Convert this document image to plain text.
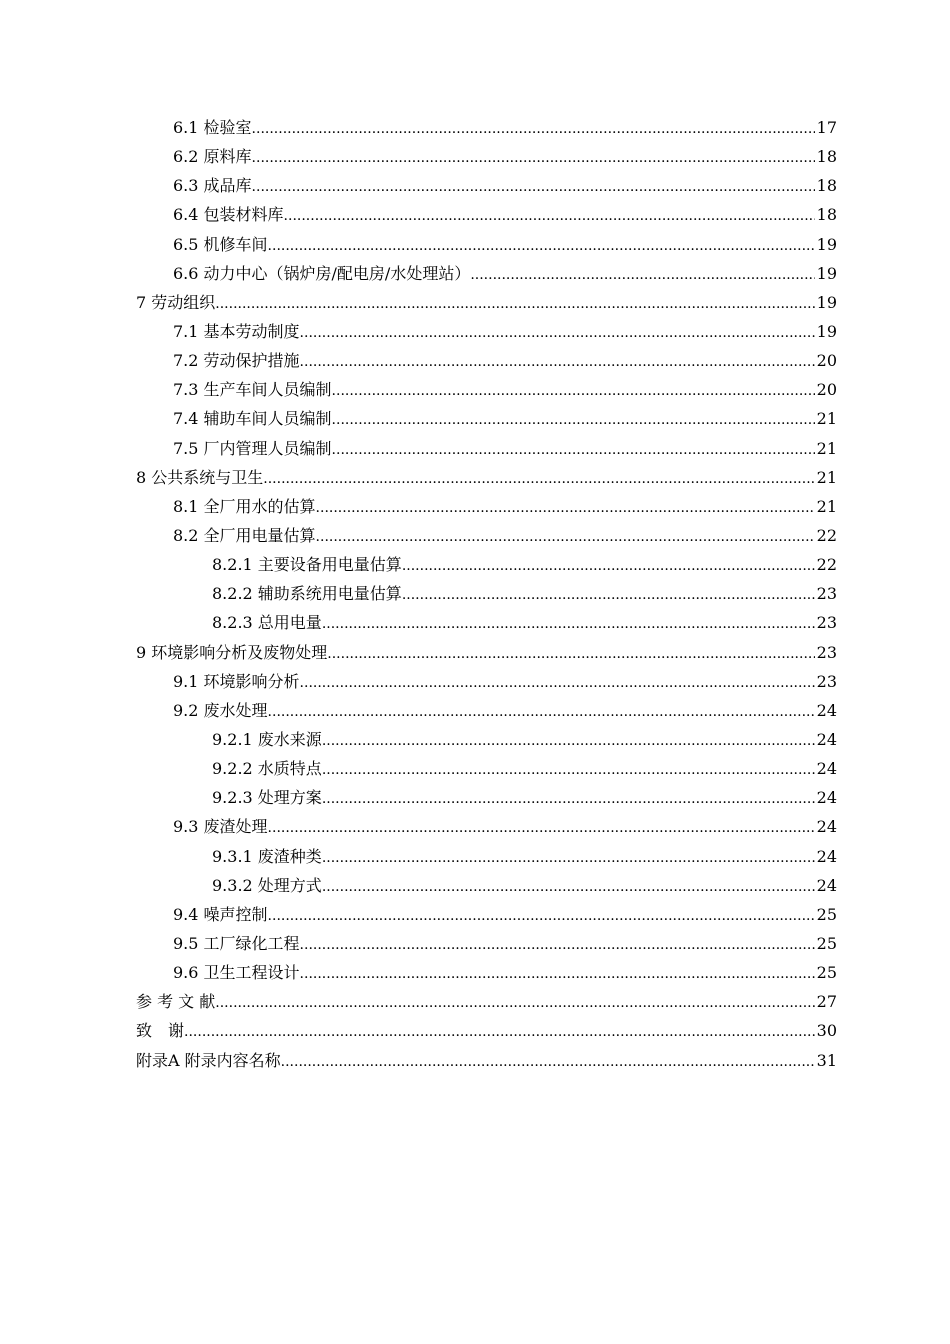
6.1 检验室 .....	17
6.2 原料库 .....	18
6.3 成品库 .....	18
6.4 包装材料库 .....	18
6.5 机修车间 .....	19
6.6 动力中心（锅炉房/配电房/水处理站） .....	19
7 劳动组织 .....	19
7.1 基本劳动制度 .....	19
7.2 劳动保护措施 .....	20
7.3 生产车间人员编制 .....	20
7.4 辅助车间人员编制 .....	21
7.5 厂内管理人员编制 .....	21
8 公共系统与卫生 .....	21
8.1 全厂用水的估算 .....	21
8.2 全厂用电量估算 .....	22
8.2.1 主要设备用电量估算 .....	22
8.2.2 辅助系统用电量估算 .....	23
8.2.3 总用电量 .....	23
9 环境影响分析及废物处理 .....	23
9.1 环境影响分析 .....	23
9.2 废水处理 .....	24
9.2.1 废水来源 .....	24
9.2.2 水质特点 .....	24
9.2.3 处理方案 .....	24
9.3 废渣处理 .....	24
9.3.1 废渣种类 .....	24
9.3.2 处理方式 .....	24
9.4 噪声控制 .....	25
9.5 工厂绿化工程 .....	25
9.6 卫生工程设计 .....	25
参 考 文 献 .....	27
致　谢 .....	30
附录A 附录内容名称 .....	31
